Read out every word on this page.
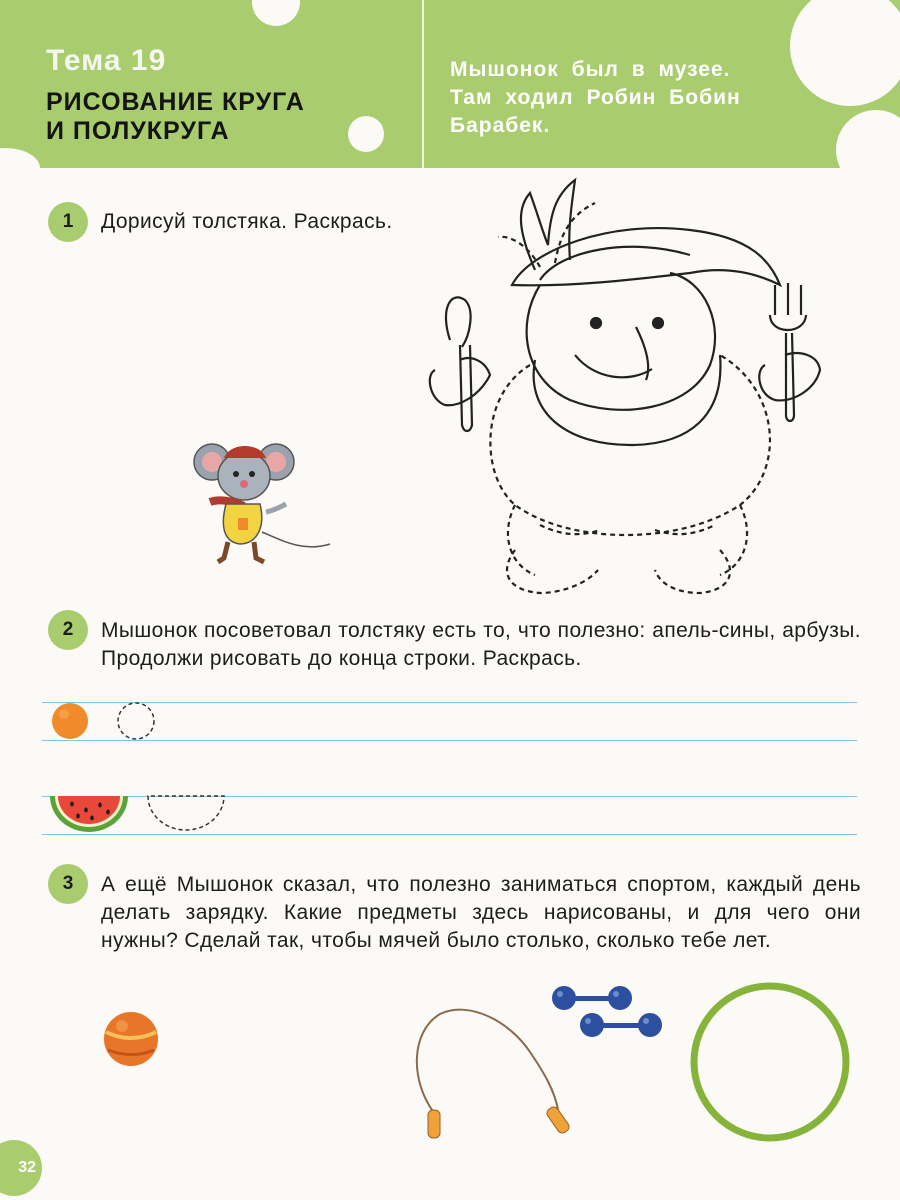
Тема 19
РИСОВАНИЕ КРУГА
И ПОЛУКРУГА
Мышонок был в музее. Там ходил Робин Бобин Барабек.
1	Дорисуй толстяка. Раскрась.
2	Мышонок посоветовал толстяку есть то, что полезно: апель-сины, арбузы. Продолжи рисовать до конца строки. Раскрась.
3	А ещё Мышонок сказал, что полезно заниматься спортом, каждый день делать зарядку. Какие предметы здесь нарисованы, и для чего они нужны? Сделай так, чтобы мячей было столько, сколько тебе лет.
32
